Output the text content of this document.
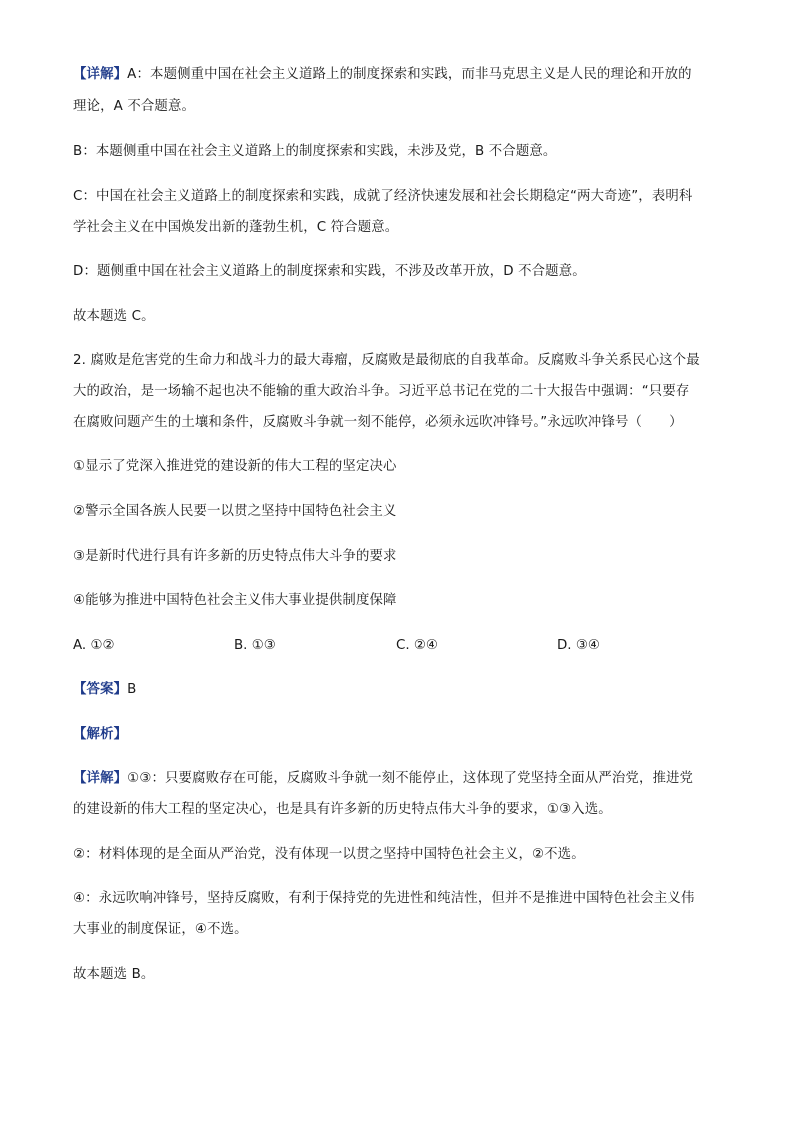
【详解】A：本题侧重中国在社会主义道路上的制度探索和实践，而非马克思主义是人民的理论和开放的
理论，A 不合题意。
B：本题侧重中国在社会主义道路上的制度探索和实践，未涉及党，B 不合题意。
C：中国在社会主义道路上的制度探索和实践，成就了经济快速发展和社会长期稳定“两大奇迹”，表明科
学社会主义在中国焕发出新的蓬勃生机，C 符合题意。
D：题侧重中国在社会主义道路上的制度探索和实践，不涉及改革开放，D 不合题意。
故本题选 C。
2. 腐败是危害党的生命力和战斗力的最大毒瘤，反腐败是最彻底的自我革命。反腐败斗争关系民心这个最
大的政治，是一场输不起也决不能输的重大政治斗争。习近平总书记在党的二十大报告中强调：“只要存
在腐败问题产生的土壤和条件，反腐败斗争就一刻不能停，必须永远吹冲锋号。”永远吹冲锋号（　　）
①显示了党深入推进党的建设新的伟大工程的坚定决心
②警示全国各族人民要一以贯之坚持中国特色社会主义
③是新时代进行具有许多新的历史特点伟大斗争的要求
④能够为推进中国特色社会主义伟大事业提供制度保障
A. ①②	B. ①③	C. ②④	D. ③④
【答案】B
【解析】
【详解】①③：只要腐败存在可能，反腐败斗争就一刻不能停止，这体现了党坚持全面从严治党，推进党
的建设新的伟大工程的坚定决心，也是具有许多新的历史特点伟大斗争的要求，①③入选。
②：材料体现的是全面从严治党，没有体现一以贯之坚持中国特色社会主义，②不选。
④：永远吹响冲锋号，坚持反腐败，有利于保持党的先进性和纯洁性，但并不是推进中国特色社会主义伟
大事业的制度保证，④不选。
故本题选 B。
